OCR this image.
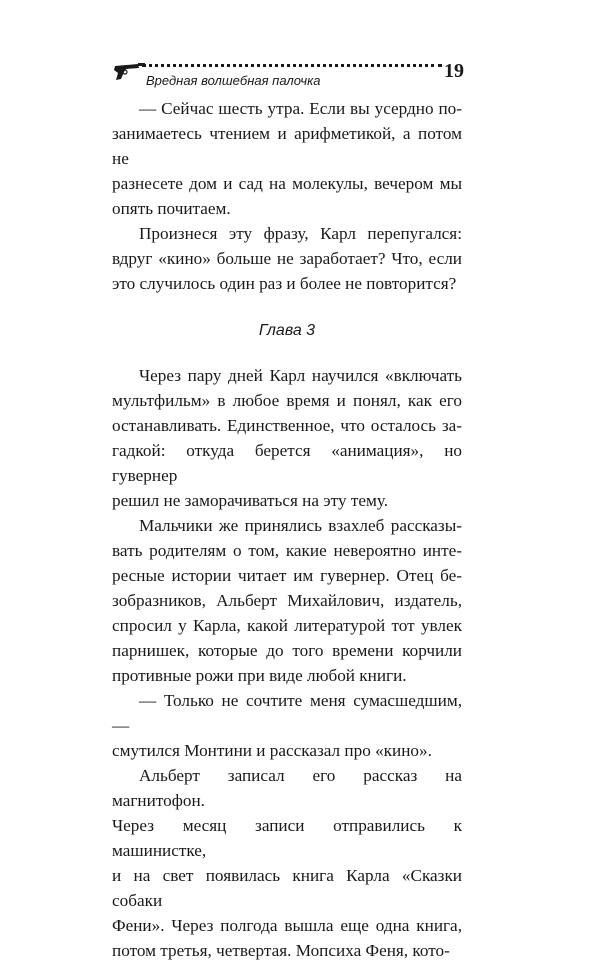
Вредная волшебная палочка	19
— Сейчас шесть утра. Если вы усердно по-
занимаетесь чтением и арифметикой, а потом не
разнесете дом и сад на молекулы, вечером мы
опять почитаем.
Произнеся эту фразу, Карл перепугался:
вдруг «кино» больше не заработает? Что, если
это случилось один раз и более не повторится?
Глава 3
Через пару дней Карл научился «включать
мультфильм» в любое время и понял, как его
останавливать. Единственное, что осталось за-
гадкой: откуда берется «анимация», но гувернер
решил не заморачиваться на эту тему.
Мальчики же принялись взахлеб рассказы-
вать родителям о том, какие невероятно инте-
ресные истории читает им гувернер. Отец бе-
зобразников, Альберт Михайлович, издатель,
спросил у Карла, какой литературой тот увлек
парнишек, которые до того времени корчили
противные рожи при виде любой книги.
— Только не сочтите меня сумасшедшим, —
смутился Монтини и рассказал про «кино».
Альберт записал его рассказ на магнитофон.
Через месяц записи отправились к машинистке,
и на свет появилась книга Карла «Сказки собаки
Фени». Через полгода вышла еще одна книга,
потом третья, четвертая. Мопсиха Феня, кото-
